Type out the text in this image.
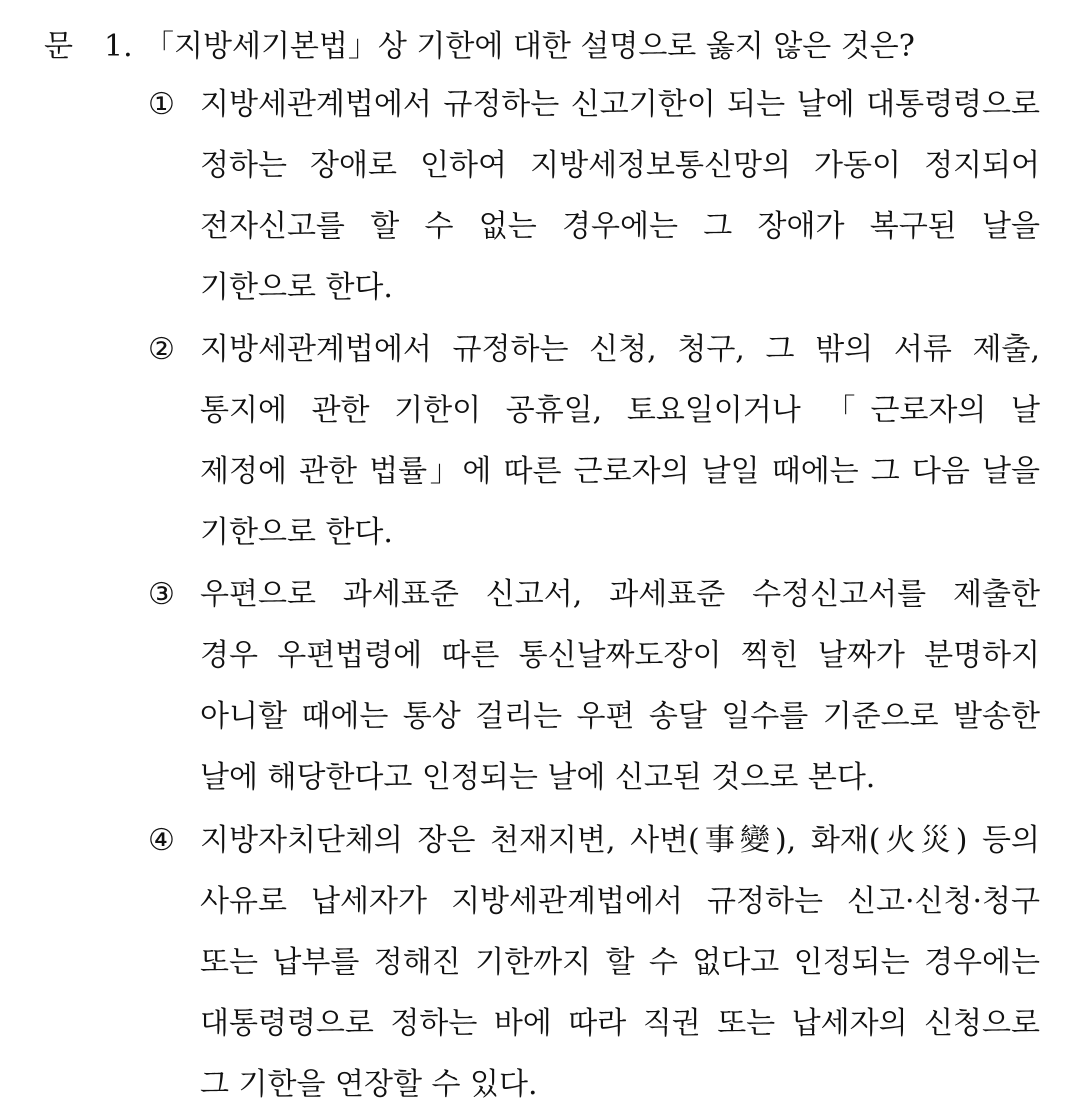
문 1. 「지방세기본법」상 기한에 대한 설명으로 옳지 않은 것은?
① 지방세관계법에서 규정하는 신고기한이 되는 날에 대통령령으로
정하는 장애로 인하여 지방세정보통신망의 가동이 정지되어
전자신고를 할 수 없는 경우에는 그 장애가 복구된 날을
기한으로 한다.
② 지방세관계법에서 규정하는 신청, 청구, 그 밖의 서류 제출,
통지에 관한 기한이 공휴일, 토요일이거나 「근로자의 날
제정에 관한 법률」에 따른 근로자의 날일 때에는 그 다음 날을
기한으로 한다.
③ 우편으로 과세표준 신고서, 과세표준 수정신고서를 제출한
경우 우편법령에 따른 통신날짜도장이 찍힌 날짜가 분명하지
아니할 때에는 통상 걸리는 우편 송달 일수를 기준으로 발송한
날에 해당한다고 인정되는 날에 신고된 것으로 본다.
④ 지방자치단체의 장은 천재지변, 사변(事變), 화재(火災) 등의
사유로 납세자가 지방세관계법에서 규정하는 신고·신청·청구
또는 납부를 정해진 기한까지 할 수 없다고 인정되는 경우에는
대통령령으로 정하는 바에 따라 직권 또는 납세자의 신청으로
그 기한을 연장할 수 있다.
